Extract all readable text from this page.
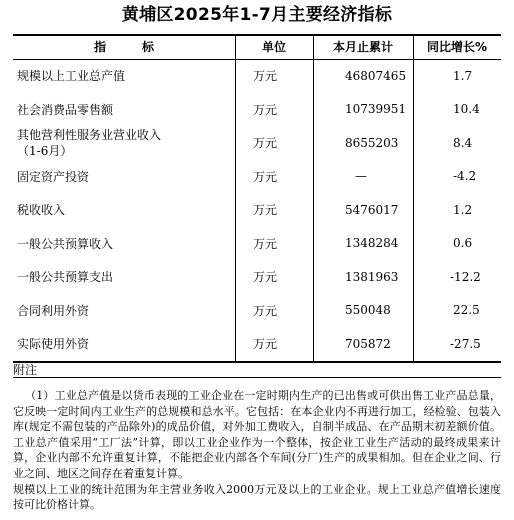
黄埔区2025年1-7月主要经济指标
指　　　标	单位	本月止累计	同比增长%
规模以上工业总产值	万元	46807465	1.7
社会消费品零售额	万元	10739951	10.4
其他营利性服务业营业收入
（1-6月）
万元	8655203	8.4
固定资产投资	万元	—	-4.2
税收收入	万元	5476017	1.2
一般公共预算收入	万元	1348284	0.6
一般公共预算支出	万元	1381963	-12.2
合同利用外资	万元	550048	22.5
实际使用外资	万元	705872	-27.5
附注

（1）工业总产值是以货币表现的工业企业在一定时期内生产的已出售或可供出售工业产品总量，它反映一定时间内工业生产的总规模和总水平。它包括：在本企业内不再进行加工，经检验、包装入库(规定不需包装的产品除外)的成品价值，对外加工费收入，自制半成品、在产品期末初差额价值。工业总产值采用“工厂法”计算，即以工业企业作为一个整体，按企业工业生产活动的最终成果来计算，企业内部不允许重复计算，不能把企业内部各个车间(分厂)生产的成果相加。但在企业之间、行业之间、地区之间存在着重复计算。

规模以上工业的统计范围为年主营业务收入2000万元及以上的工业企业。规上工业总产值增长速度按可比价格计算。
